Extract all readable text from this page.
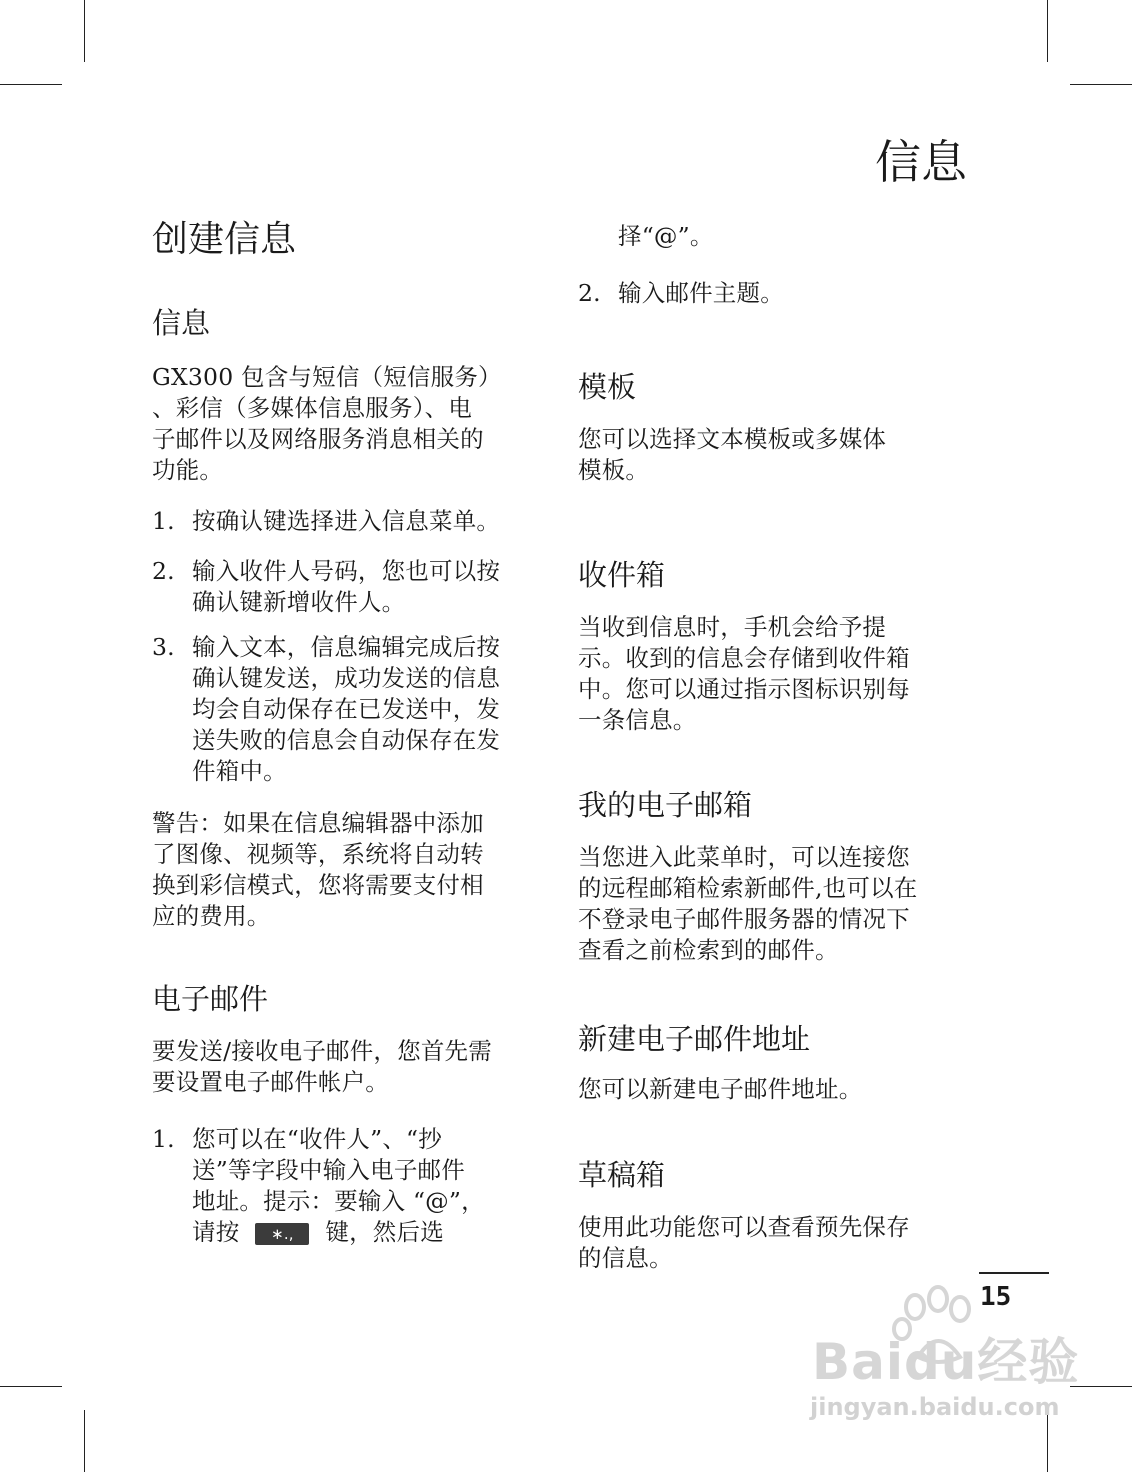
信息
创建信息
信息
GX300 包含与短信（短信服务）
、彩信（多媒体信息服务）、电
子邮件以及网络服务消息相关的
功能。
1. 按确认键选择进入信息菜单。
2. 输入收件人号码，您也可以按
确认键新增收件人。
3. 输入文本，信息编辑完成后按
确认键发送，成功发送的信息
均会自动保存在已发送中，发
送失败的信息会自动保存在发
件箱中。
警告：如果在信息编辑器中添加
了图像、视频等，系统将自动转
换到彩信模式，您将需要支付相
应的费用。
电子邮件
要发送/接收电子邮件，您首先需
要设置电子邮件帐户。
1. 您可以在“收件人”、“抄
送”等字段中输入电子邮件
地址。提示：要输入 “@”，
请按 ∗., 键，然后选
择“@”。
2. 输入邮件主题。
模板
您可以选择文本模板或多媒体
模板。
收件箱
当收到信息时，手机会给予提
示。收到的信息会存储到收件箱
中。您可以通过指示图标识别每
一条信息。
我的电子邮箱
当您进入此菜单时，可以连接您
的远程邮箱检索新邮件,也可以在
不登录电子邮件服务器的情况下
查看之前检索到的邮件。
新建电子邮件地址
您可以新建电子邮件地址。
草稿箱
使用此功能您可以查看预先保存
的信息。
15
Baidu经验
jingyan.baidu.com
